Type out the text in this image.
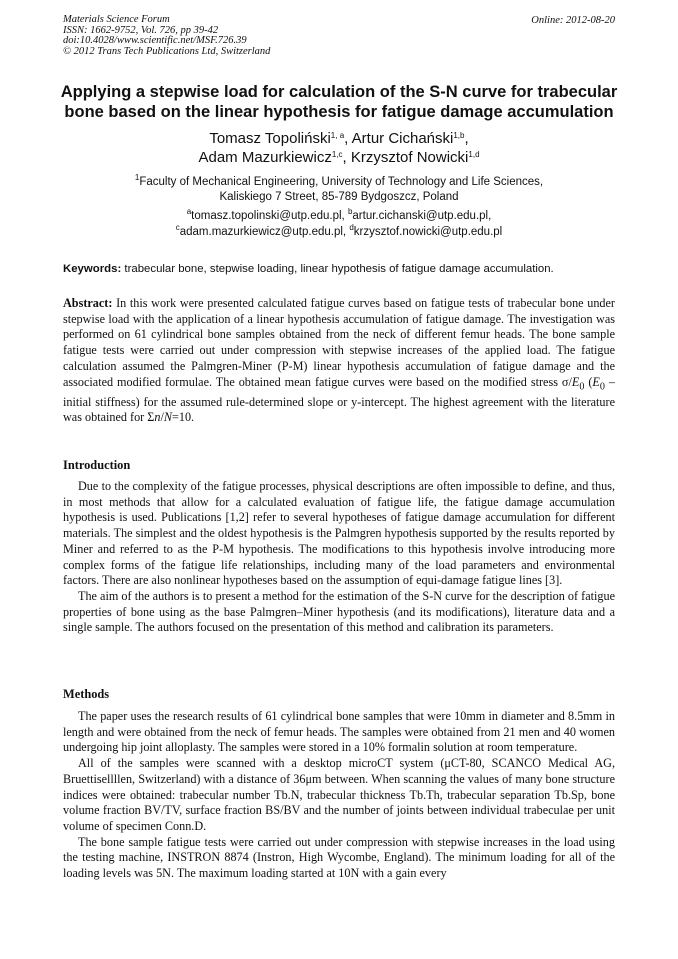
Materials Science Forum
ISSN: 1662-9752, Vol. 726, pp 39-42
doi:10.4028/www.scientific.net/MSF.726.39
© 2012 Trans Tech Publications Ltd, Switzerland
Online: 2012-08-20
Applying a stepwise load for calculation of the S-N curve for trabecular
bone based on the linear hypothesis for fatigue damage accumulation
Tomasz Topoliński$^{1, a}$, Artur Cichański$^{1,b}$,
Adam Mazurkiewicz$^{1,c}$, Krzysztof Nowicki$^{1,d}$
$^1$Faculty of Mechanical Engineering, University of Technology and Life Sciences,
Kaliskiego 7 Street, 85-789 Bydgoszcz, Poland
$^a$tomasz.topolinski@utp.edu.pl, $^b$artur.cichanski@utp.edu.pl,
$^c$adam.mazurkiewicz@utp.edu.pl, $^d$krzysztof.nowicki@utp.edu.pl
Keywords: trabecular bone, stepwise loading, linear hypothesis of fatigue damage accumulation.

Abstract: In this work were presented calculated fatigue curves based on fatigue tests of trabecular bone under stepwise load with the application of a linear hypothesis accumulation of fatigue damage. The investigation was performed on 61 cylindrical bone samples obtained from the neck of different femur heads. The bone sample fatigue tests were carried out under compression with stepwise increases of the applied load. The fatigue calculation assumed the Palmgren-Miner (P-M) linear hypothesis accumulation of fatigue damage and the associated modified formulae. The obtained mean fatigue curves were based on the modified stress $\sigma/E_0$ ($E_0$ – initial stiffness) for the assumed rule-determined slope or y-intercept. The highest agreement with the literature was obtained for Σn/N=10.

Introduction

Due to the complexity of the fatigue processes, physical descriptions are often impossible to define, and thus, in most methods that allow for a calculated evaluation of fatigue life, the fatigue damage accumulation hypothesis is used. Publications [1,2] refer to several hypotheses of fatigue damage accumulation for different materials. The simplest and the oldest hypothesis is the Palmgren hypothesis supported by the results reported by Miner and referred to as the P-M hypothesis. The modifications to this hypothesis involve introducing more complex forms of the fatigue life relationships, including many of the load parameters and environmental factors. There are also nonlinear hypotheses based on the assumption of equi-damage fatigue lines [3].

The aim of the authors is to present a method for the estimation of the S-N curve for the description of fatigue properties of bone using as the base Palmgren–Miner hypothesis (and its modifications), literature data and a single sample. The authors focused on the presentation of this method and calibration its parameters.

Methods

The paper uses the research results of 61 cylindrical bone samples that were 10mm in diameter and 8.5mm in length and were obtained from the neck of femur heads. The samples were obtained from 21 men and 40 women undergoing hip joint alloplasty. The samples were stored in a 10% formalin solution at room temperature.

All of the samples were scanned with a desktop microCT system (μCT-80, SCANCO Medical AG, Bruettisellllen, Switzerland) with a distance of 36μm between. When scanning the values of many bone structure indices were obtained: trabecular number Tb.N, trabecular thickness Tb.Th, trabecular separation Tb.Sp, bone volume fraction BV/TV, surface fraction BS/BV and the number of joints between individual trabeculae per unit volume of specimen Conn.D.

The bone sample fatigue tests were carried out under compression with stepwise increases in the load using the testing machine, INSTRON 8874 (Instron, High Wycombe, England). The minimum loading for all of the loading levels was 5N. The maximum loading started at 10N with a gain every
